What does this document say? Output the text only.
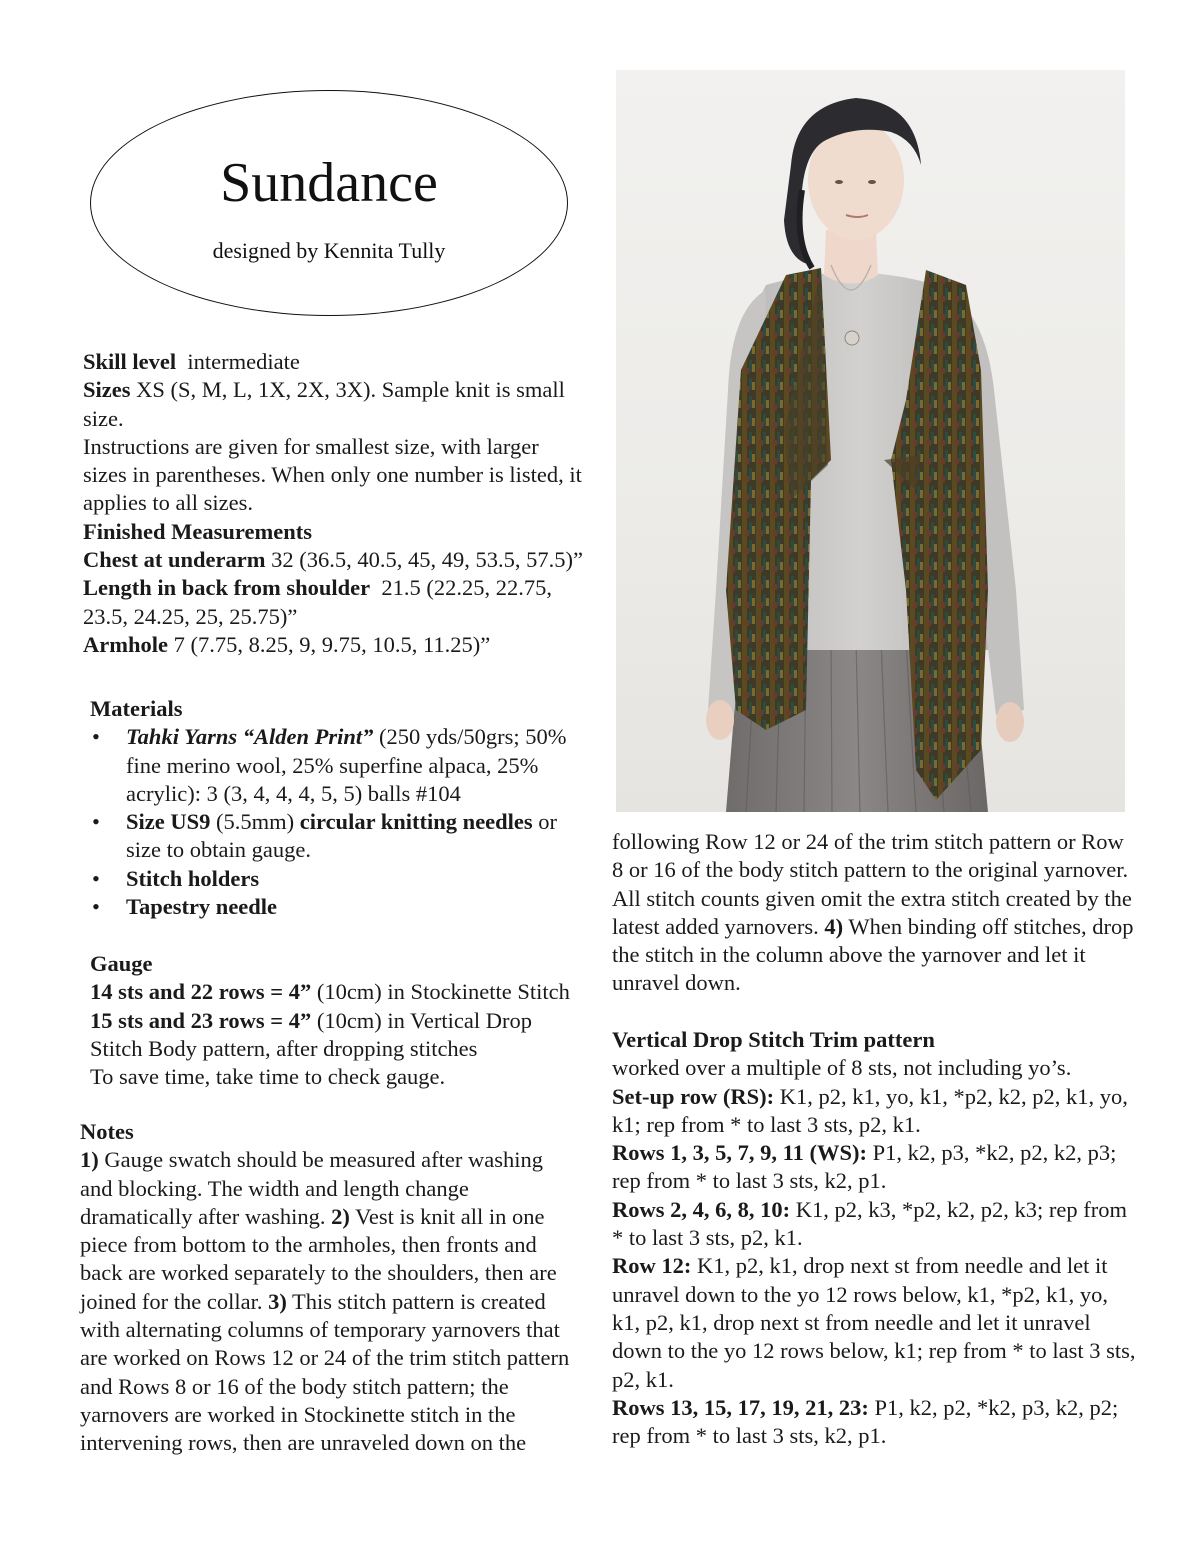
Sundance
designed by Kennita Tully

Skill level intermediate

Sizes XS (S, M, L, 1X, 2X, 3X). Sample knit is small size.

Instructions are given for smallest size, with larger sizes in parentheses. When only one number is listed, it applies to all sizes.

Finished Measurements

Chest at underarm 32 (36.5, 40.5, 45, 49, 53.5, 57.5)”

Length in back from shoulder 21.5 (22.25, 22.75, 23.5, 24.25, 25, 25.75)”

Armhole 7 (7.75, 8.25, 9, 9.75, 10.5, 11.25)”

Materials

• Tahki Yarns “Alden Print” (250 yds/50grs; 50% fine merino wool, 25% superfine alpaca, 25% acrylic): 3 (3, 4, 4, 4, 5, 5) balls #104
• Size US9 (5.5mm) circular knitting needles or size to obtain gauge.
• Stitch holders
• Tapestry needle

Gauge

14 sts and 22 rows = 4” (10cm) in Stockinette Stitch

15 sts and 23 rows = 4” (10cm) in Vertical Drop Stitch Body pattern, after dropping stitches

To save time, take time to check gauge.

Notes

1) Gauge swatch should be measured after washing and blocking. The width and length change dramatically after washing. 2) Vest is knit all in one piece from bottom to the armholes, then fronts and back are worked separately to the shoulders, then are joined for the collar. 3) This stitch pattern is created with alternating columns of temporary yarnovers that are worked on Rows 12 or 24 of the trim stitch pattern and Rows 8 or 16 of the body stitch pattern; the yarnovers are worked in Stockinette stitch in the intervening rows, then are unraveled down on the

following Row 12 or 24 of the trim stitch pattern or Row 8 or 16 of the body stitch pattern to the original yarnover. All stitch counts given omit the extra stitch created by the latest added yarnovers. 4) When binding off stitches, drop the stitch in the column above the yarnover and let it unravel down.

Vertical Drop Stitch Trim pattern

worked over a multiple of 8 sts, not including yo’s.

Set-up row (RS): K1, p2, k1, yo, k1, *p2, k2, p2, k1, yo, k1; rep from * to last 3 sts, p2, k1.

Rows 1, 3, 5, 7, 9, 11 (WS): P1, k2, p3, *k2, p2, k2, p3; rep from * to last 3 sts, k2, p1.

Rows 2, 4, 6, 8, 10: K1, p2, k3, *p2, k2, p2, k3; rep from * to last 3 sts, p2, k1.

Row 12: K1, p2, k1, drop next st from needle and let it unravel down to the yo 12 rows below, k1, *p2, k1, yo, k1, p2, k1, drop next st from needle and let it unravel down to the yo 12 rows below, k1; rep from * to last 3 sts, p2, k1.

Rows 13, 15, 17, 19, 21, 23: P1, k2, p2, *k2, p3, k2, p2; rep from * to last 3 sts, k2, p1.
